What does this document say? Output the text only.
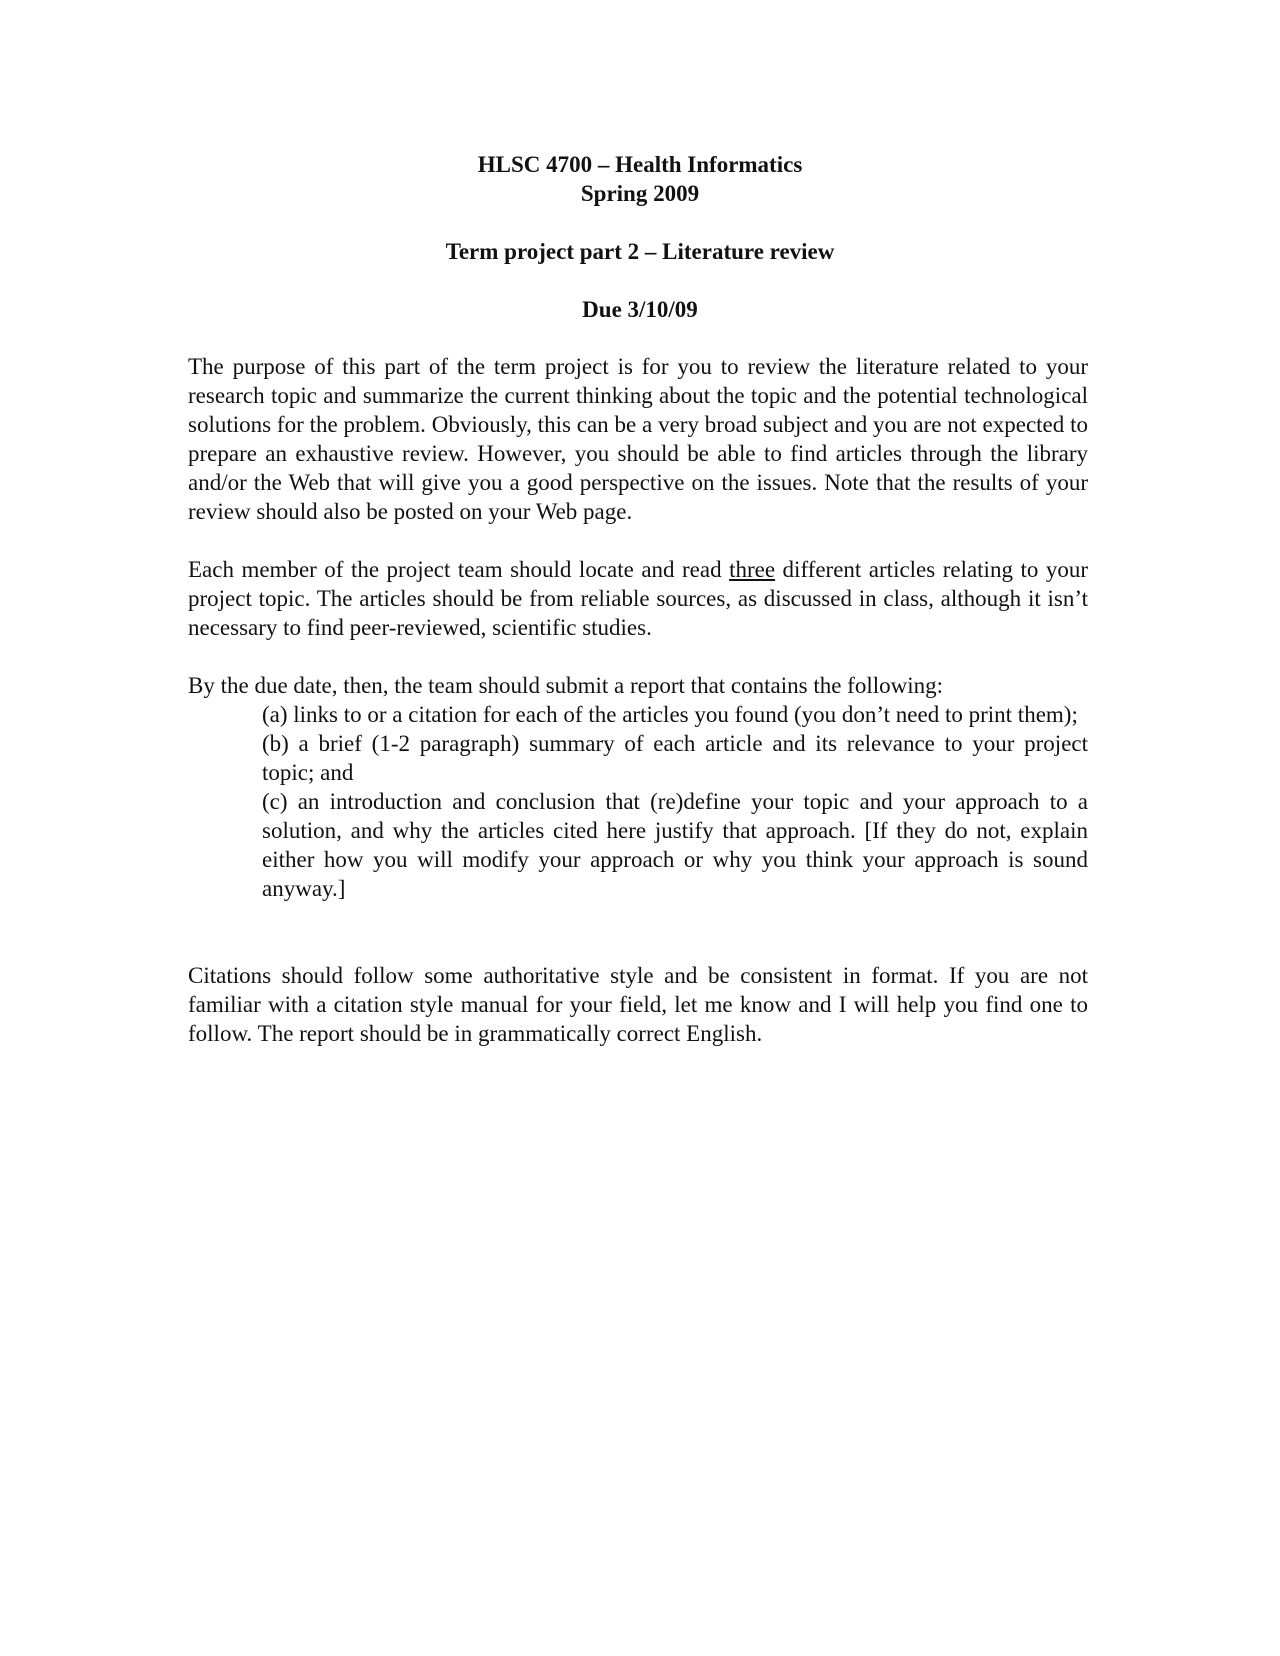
HLSC 4700 – Health Informatics
Spring 2009
Term project part 2 – Literature review
Due 3/10/09

The purpose of this part of the term project is for you to review the literature related to your research topic and summarize the current thinking about the topic and the potential technological solutions for the problem. Obviously, this can be a very broad subject and you are not expected to prepare an exhaustive review. However, you should be able to find articles through the library and/or the Web that will give you a good perspective on the issues. Note that the results of your review should also be posted on your Web page.

Each member of the project team should locate and read three different articles relating to your project topic. The articles should be from reliable sources, as discussed in class, although it isn’t necessary to find peer-reviewed, scientific studies.

By the due date, then, the team should submit a report that contains the following:

(a) links to or a citation for each of the articles you found (you don’t need to print them);
(b) a brief (1-2 paragraph) summary of each article and its relevance to your project topic; and
(c) an introduction and conclusion that (re)define your topic and your approach to a solution, and why the articles cited here justify that approach. [If they do not, explain either how you will modify your approach or why you think your approach is sound anyway.]

Citations should follow some authoritative style and be consistent in format. If you are not familiar with a citation style manual for your field, let me know and I will help you find one to follow. The report should be in grammatically correct English.
